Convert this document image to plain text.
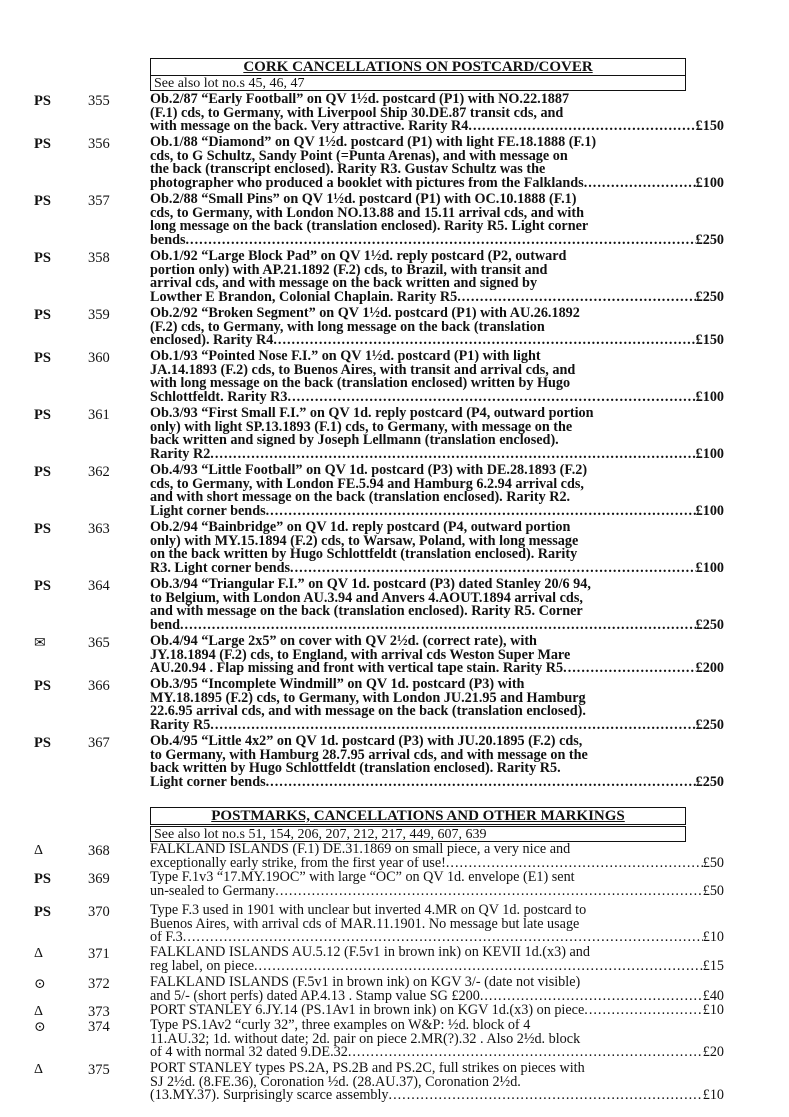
CORK CANCELLATIONS ON POSTCARD/COVER
See also lot no.s 45, 46, 47
POSTMARKS, CANCELLATIONS AND OTHER MARKINGS
See also lot no.s 51, 154, 206, 207, 212, 217, 449, 607, 639
PS	355	Ob.2/87 “Early Football” on QV 1½d. postcard (P1) with NO.22.1887
(F.1) cds, to Germany, with Liverpool Ship 30.DE.87 transit cds, and
with message on the back. Very attractive. Rarity R4 .....	£150
PS	356	Ob.1/88 “Diamond” on QV 1½d. postcard (P1) with light FE.18.1888 (F.1)
cds, to G Schultz, Sandy Point (=Punta Arenas), and with message on
the back (transcript enclosed). Rarity R3. Gustav Schultz was the
photographer who produced a booklet with pictures from the Falklands .....	£100
PS	357	Ob.2/88 “Small Pins” on QV 1½d. postcard (P1) with OC.10.1888 (F.1)
cds, to Germany, with London NO.13.88 and 15.11 arrival cds, and with
long message on the back (translation enclosed). Rarity R5. Light corner
bends .....	£250
PS	358	Ob.1/92 “Large Block Pad” on QV 1½d. reply postcard (P2, outward
portion only) with AP.21.1892 (F.2) cds, to Brazil, with transit and
arrival cds, and with message on the back written and signed by
Lowther E Brandon, Colonial Chaplain. Rarity R5 .....	£250
PS	359	Ob.2/92 “Broken Segment” on QV 1½d. postcard (P1) with AU.26.1892
(F.2) cds, to Germany, with long message on the back (translation
enclosed). Rarity R4 .....	£150
PS	360	Ob.1/93 “Pointed Nose F.I.” on QV 1½d. postcard (P1) with light
JA.14.1893 (F.2) cds, to Buenos Aires, with transit and arrival cds, and
with long message on the back (translation enclosed) written by Hugo
Schlottfeldt. Rarity R3 .....	£100
PS	361	Ob.3/93 “First Small F.I.” on QV 1d. reply postcard (P4, outward portion
only) with light SP.13.1893 (F.1) cds, to Germany, with message on the
back written and signed by Joseph Lellmann (translation enclosed).
Rarity R2 .....	£100
PS	362	Ob.4/93 “Little Football” on QV 1d. postcard (P3) with DE.28.1893 (F.2)
cds, to Germany, with London FE.5.94 and Hamburg 6.2.94 arrival cds,
and with short message on the back (translation enclosed). Rarity R2.
Light corner bends .....	£100
PS	363	Ob.2/94 “Bainbridge” on QV 1d. reply postcard (P4, outward portion
only) with MY.15.1894 (F.2) cds, to Warsaw, Poland, with long message
on the back written by Hugo Schlottfeldt (translation enclosed). Rarity
R3. Light corner bends .....	£100
PS	364	Ob.3/94 “Triangular F.I.” on QV 1d. postcard (P3) dated Stanley 20/6 94,
to Belgium, with London AU.3.94 and Anvers 4.AOUT.1894 arrival cds,
and with message on the back (translation enclosed). Rarity R5. Corner
bend .....	£250
✉	365	Ob.4/94 “Large 2x5” on cover with QV 2½d. (correct rate), with
JY.18.1894 (F.2) cds, to England, with arrival cds Weston Super Mare
AU.20.94 . Flap missing and front with vertical tape stain. Rarity R5 .....	£200
PS	366	Ob.3/95 “Incomplete Windmill” on QV 1d. postcard (P3) with
MY.18.1895 (F.2) cds, to Germany, with London JU.21.95 and Hamburg
22.6.95 arrival cds, and with message on the back (translation enclosed).
Rarity R5 .....	£250
PS	367	Ob.4/95 “Little 4x2” on QV 1d. postcard (P3) with JU.20.1895 (F.2) cds,
to Germany, with Hamburg 28.7.95 arrival cds, and with message on the
back written by Hugo Schlottfeldt (translation enclosed). Rarity R5.
Light corner bends .....	£250
Δ	368	FALKLAND ISLANDS (F.1) DE.31.1869 on small piece, a very nice and
exceptionally early strike, from the first year of use! .....	£50
PS	369	Type F.1v3 “17.MY.19OC” with large “OC” on QV 1d. envelope (E1) sent
un-sealed to Germany .....	£50
PS	370	Type F.3 used in 1901 with unclear but inverted 4.MR on QV 1d. postcard to
Buenos Aires, with arrival cds of MAR.11.1901. No message but late usage
of F.3 .....	£10
Δ	371	FALKLAND ISLANDS AU.5.12 (F.5v1 in brown ink) on KEVII 1d.(x3) and
reg label, on piece .....	£15
⊙	372	FALKLAND ISLANDS (F.5v1 in brown ink) on KGV 3/- (date not visible)
and 5/- (short perfs) dated AP.4.13 . Stamp value SG £200 .....	£40
Δ	373	PORT STANLEY 6.JY.14 (PS.1Av1 in brown ink) on KGV 1d.(x3) on piece .....	£10
⊙	374	Type PS.1Av2 “curly 32”, three examples on W&P: ½d. block of 4
11.AU.32; 1d. without date; 2d. pair on piece 2.MR(?).32 . Also 2½d. block
of 4 with normal 32 dated 9.DE.32 .....	£20
Δ	375	PORT STANLEY types PS.2A, PS.2B and PS.2C, full strikes on pieces with
SJ 2½d. (8.FE.36), Coronation ½d. (28.AU.37), Coronation 2½d.
(13.MY.37). Surprisingly scarce assembly .....	£10
